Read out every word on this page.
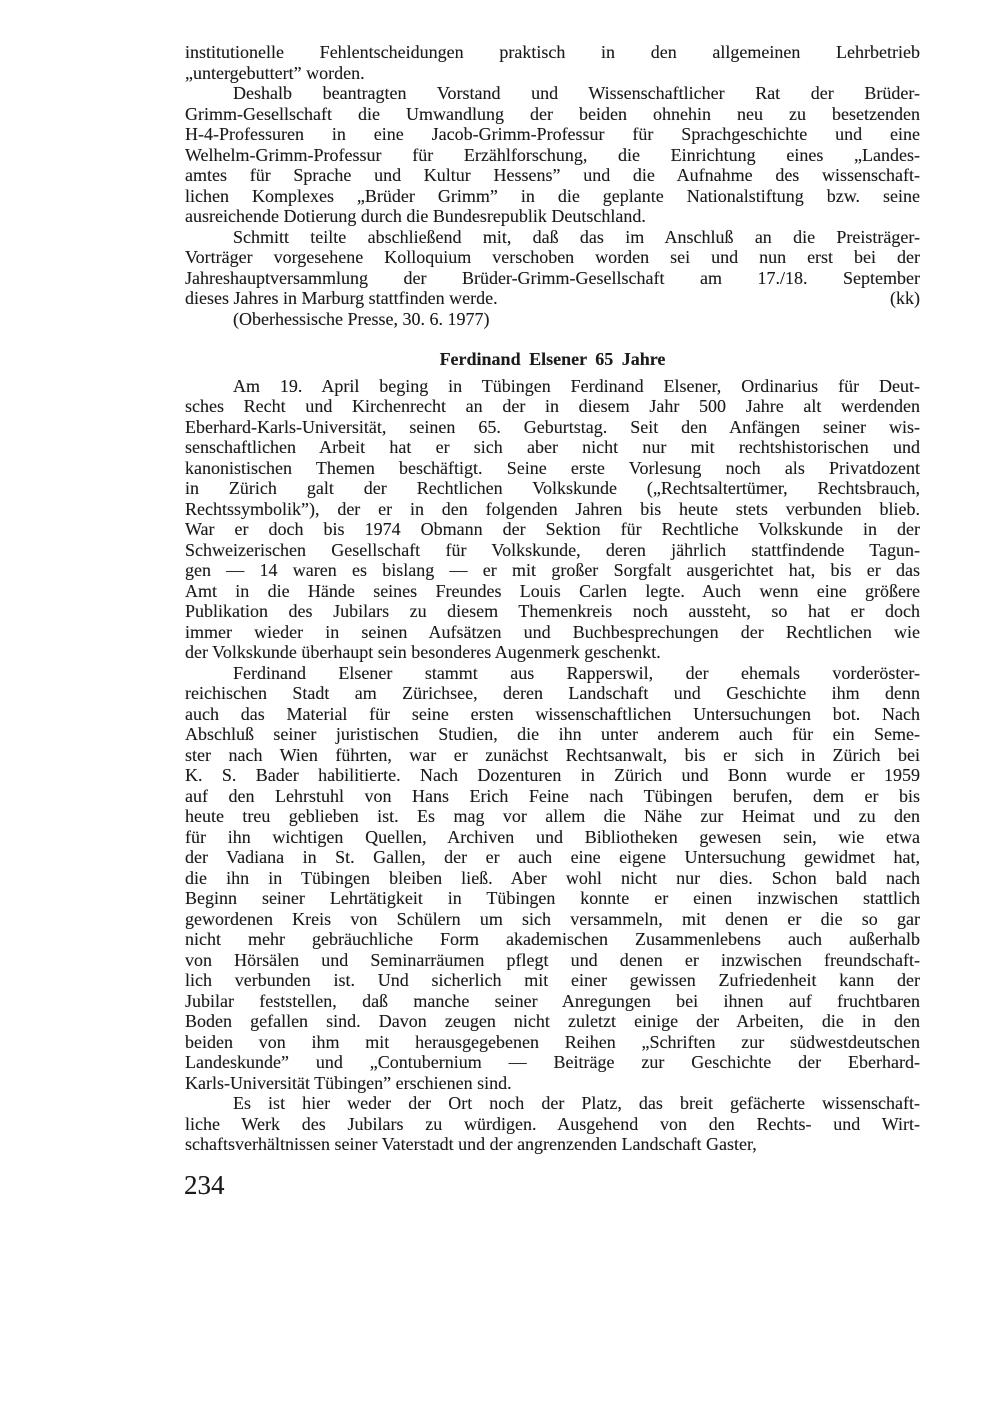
institutionelle Fehlentscheidungen praktisch in den allgemeinen Lehrbetrieb
„untergebuttert” worden.
Deshalb beantragten Vorstand und Wissenschaftlicher Rat der Brüder-
Grimm-Gesellschaft die Umwandlung der beiden ohnehin neu zu besetzenden
H-4-Professuren in eine Jacob-Grimm-Professur für Sprachgeschichte und eine
Welhelm-Grimm-Professur für Erzählforschung, die Einrichtung eines „Landes-
amtes für Sprache und Kultur Hessens” und die Aufnahme des wissenschaft-
lichen Komplexes „Brüder Grimm” in die geplante Nationalstiftung bzw. seine
ausreichende Dotierung durch die Bundesrepublik Deutschland.
Schmitt teilte abschließend mit, daß das im Anschluß an die Preisträger-
Vorträger vorgesehene Kolloquium verschoben worden sei und nun erst bei der
Jahreshauptversammlung der Brüder-Grimm-Gesellschaft am 17./18. September
dieses Jahres in Marburg stattfinden werde.	(kk)
(Oberhessische Presse, 30. 6. 1977)
Ferdinand Elsener 65 Jahre
Am 19. April beging in Tübingen Ferdinand Elsener, Ordinarius für Deut-
sches Recht und Kirchenrecht an der in diesem Jahr 500 Jahre alt werdenden
Eberhard-Karls-Universität, seinen 65. Geburtstag. Seit den Anfängen seiner wis-
senschaftlichen Arbeit hat er sich aber nicht nur mit rechtshistorischen und
kanonistischen Themen beschäftigt. Seine erste Vorlesung noch als Privatdozent
in Zürich galt der Rechtlichen Volkskunde („Rechtsaltertümer, Rechtsbrauch,
Rechtssymbolik”), der er in den folgenden Jahren bis heute stets verbunden blieb.
War er doch bis 1974 Obmann der Sektion für Rechtliche Volkskunde in der
Schweizerischen Gesellschaft für Volkskunde, deren jährlich stattfindende Tagun-
gen — 14 waren es bislang — er mit großer Sorgfalt ausgerichtet hat, bis er das
Amt in die Hände seines Freundes Louis Carlen legte. Auch wenn eine größere
Publikation des Jubilars zu diesem Themenkreis noch aussteht, so hat er doch
immer wieder in seinen Aufsätzen und Buchbesprechungen der Rechtlichen wie
der Volkskunde überhaupt sein besonderes Augenmerk geschenkt.
Ferdinand Elsener stammt aus Rapperswil, der ehemals vorderöster-
reichischen Stadt am Zürichsee, deren Landschaft und Geschichte ihm denn
auch das Material für seine ersten wissenschaftlichen Untersuchungen bot. Nach
Abschluß seiner juristischen Studien, die ihn unter anderem auch für ein Seme-
ster nach Wien führten, war er zunächst Rechtsanwalt, bis er sich in Zürich bei
K. S. Bader habilitierte. Nach Dozenturen in Zürich und Bonn wurde er 1959
auf den Lehrstuhl von Hans Erich Feine nach Tübingen berufen, dem er bis
heute treu geblieben ist. Es mag vor allem die Nähe zur Heimat und zu den
für ihn wichtigen Quellen, Archiven und Bibliotheken gewesen sein, wie etwa
der Vadiana in St. Gallen, der er auch eine eigene Untersuchung gewidmet hat,
die ihn in Tübingen bleiben ließ. Aber wohl nicht nur dies. Schon bald nach
Beginn seiner Lehrtätigkeit in Tübingen konnte er einen inzwischen stattlich
gewordenen Kreis von Schülern um sich versammeln, mit denen er die so gar
nicht mehr gebräuchliche Form akademischen Zusammenlebens auch außerhalb
von Hörsälen und Seminarräumen pflegt und denen er inzwischen freundschaft-
lich verbunden ist. Und sicherlich mit einer gewissen Zufriedenheit kann der
Jubilar feststellen, daß manche seiner Anregungen bei ihnen auf fruchtbaren
Boden gefallen sind. Davon zeugen nicht zuletzt einige der Arbeiten, die in den
beiden von ihm mit herausgegebenen Reihen „Schriften zur südwestdeutschen
Landeskunde” und „Contubernium — Beiträge zur Geschichte der Eberhard-
Karls-Universität Tübingen” erschienen sind.
Es ist hier weder der Ort noch der Platz, das breit gefächerte wissenschaft-
liche Werk des Jubilars zu würdigen. Ausgehend von den Rechts- und Wirt-
schaftsverhältnissen seiner Vaterstadt und der angrenzenden Landschaft Gaster,
234
